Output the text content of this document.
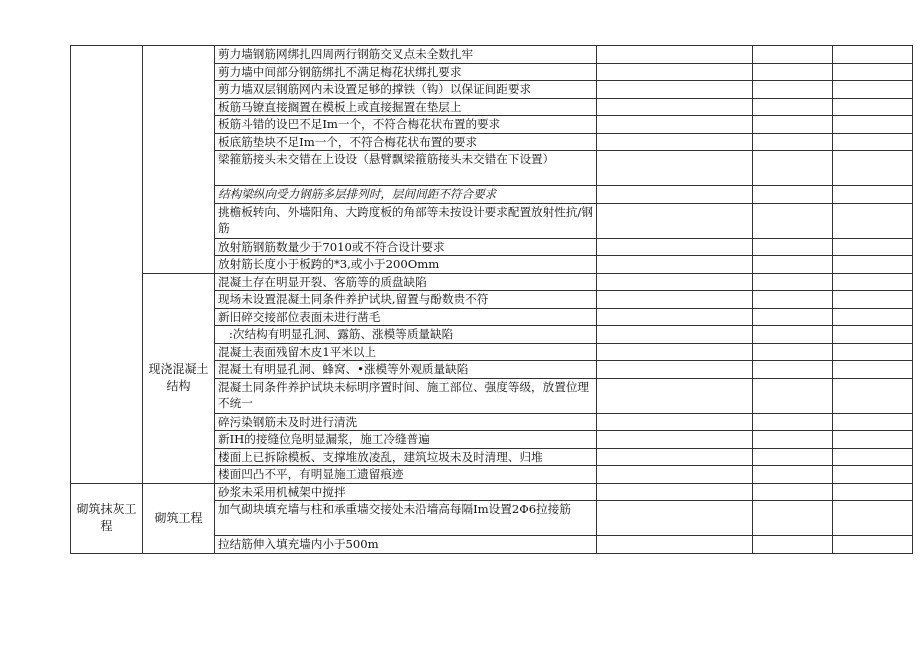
		剪力墙钢筋网绑扎四周两行钢筋交叉点未全数扎牢			
		剪力墙中间部分钢筋绑扎不满足梅花状绑扎要求			
		剪力墙双层钢筋网内未设置足够的撑铁（钩）以保证间距要求			
		板筋马镣直接搁置在模板上或直接掘置在垫层上			
		板筋斗错的设巴不足Im一个，不符合梅花状布置的要求			
		板底筋垫块不足Im一个，不符合梅花状布置的要求			
		梁箍筋接头未交错在上设设（悬臂飘梁箍筋接头未交错在下设置）			
		结构梁纵向受力钢筋多层排列时，层间间距不符合要求			
		挑檐板转向、外墙阳角、大跨度板的角部等未按设计要求配置放射性抗/钢筋			
		放射筋钢筋数量少于7010或不符合设计要求			
		放射筋长度小于板跨的*3,或小于200Omm			
	现浇混凝土结构	混凝土存在明显开裂、客筋等的质盘缺陷			
		现场未设置混凝土同条件养护试块,留置与酚数贵不符			
		新旧碎交接部位表面未进行凿毛			
		:次结构有明显孔洞、露筋、涨模等质量缺陷			
		混凝土表面残留木皮1平米以上			
		混凝土有明显孔洞、蜂窝、•涨模等外观质量缺陷			
		混凝土同条件养护试块未标明序置时间、施工部位、强度等级，放置位理不统一			
		碎污染钢筋未及时进行清洗			
		新IH的接缝位凫明显漏浆，施工冷缝普遍			
		楼面上已拆除模板、支撑堆放凌乱，建筑垃圾未及时清理、归堆			
		楼面凹凸不平，有明显施工遗留痕迹			
砌筑抹灰工程	砌筑工程	砂浆未采用机械架中搅拌			
		加气砌块填充墙与柱和承重墙交接处未沿墙高每隔Im设置2Φ6拉接筋			
		拉结筋伸入填充墙内小于500m			
